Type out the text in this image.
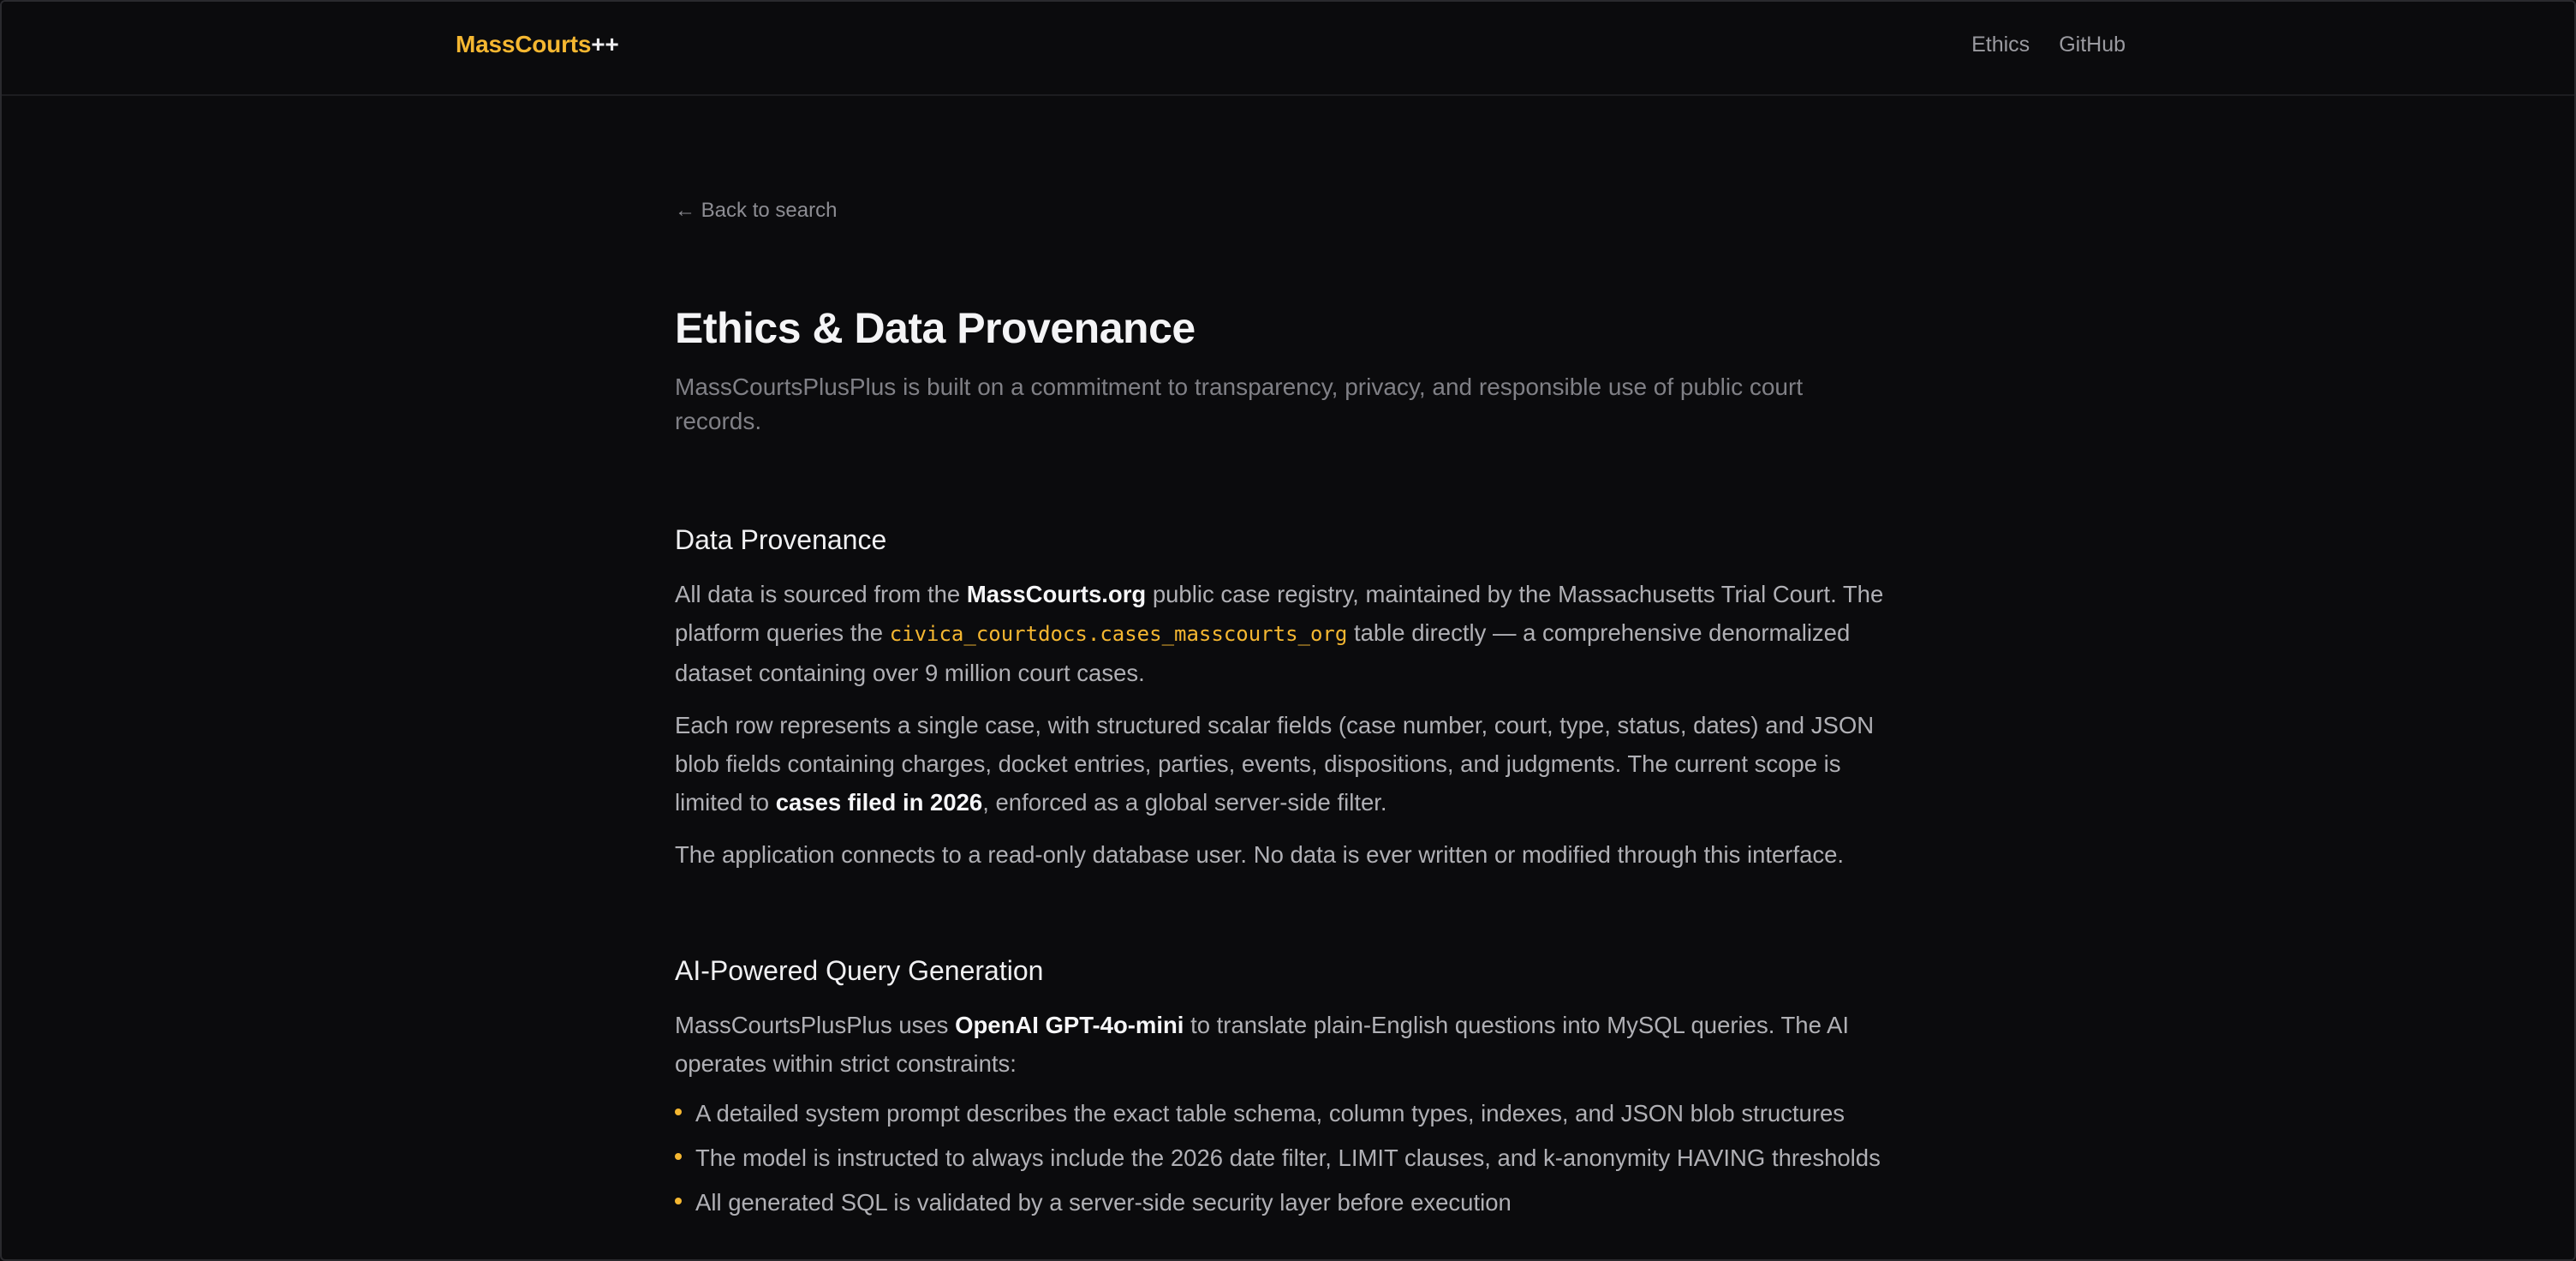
MassCourts++	Ethics GitHub
← Back to search
Ethics & Data Provenance

MassCourtsPlusPlus is built on a commitment to transparency, privacy, and responsible use of public court records.

Data Provenance

All data is sourced from the MassCourts.org public case registry, maintained by the Massachusetts Trial Court. The platform queries the civica_courtdocs.cases_masscourts_org table directly — a comprehensive denormalized dataset containing over 9 million court cases.

Each row represents a single case, with structured scalar fields (case number, court, type, status, dates) and JSON blob fields containing charges, docket entries, parties, events, dispositions, and judgments. The current scope is limited to cases filed in 2026, enforced as a global server-side filter.

The application connects to a read-only database user. No data is ever written or modified through this interface.

AI-Powered Query Generation

MassCourtsPlusPlus uses OpenAI GPT-4o-mini to translate plain-English questions into MySQL queries. The AI operates within strict constraints:

A detailed system prompt describes the exact table schema, column types, indexes, and JSON blob structures
The model is instructed to always include the 2026 date filter, LIMIT clauses, and k-anonymity HAVING thresholds
All generated SQL is validated by a server-side security layer before execution
